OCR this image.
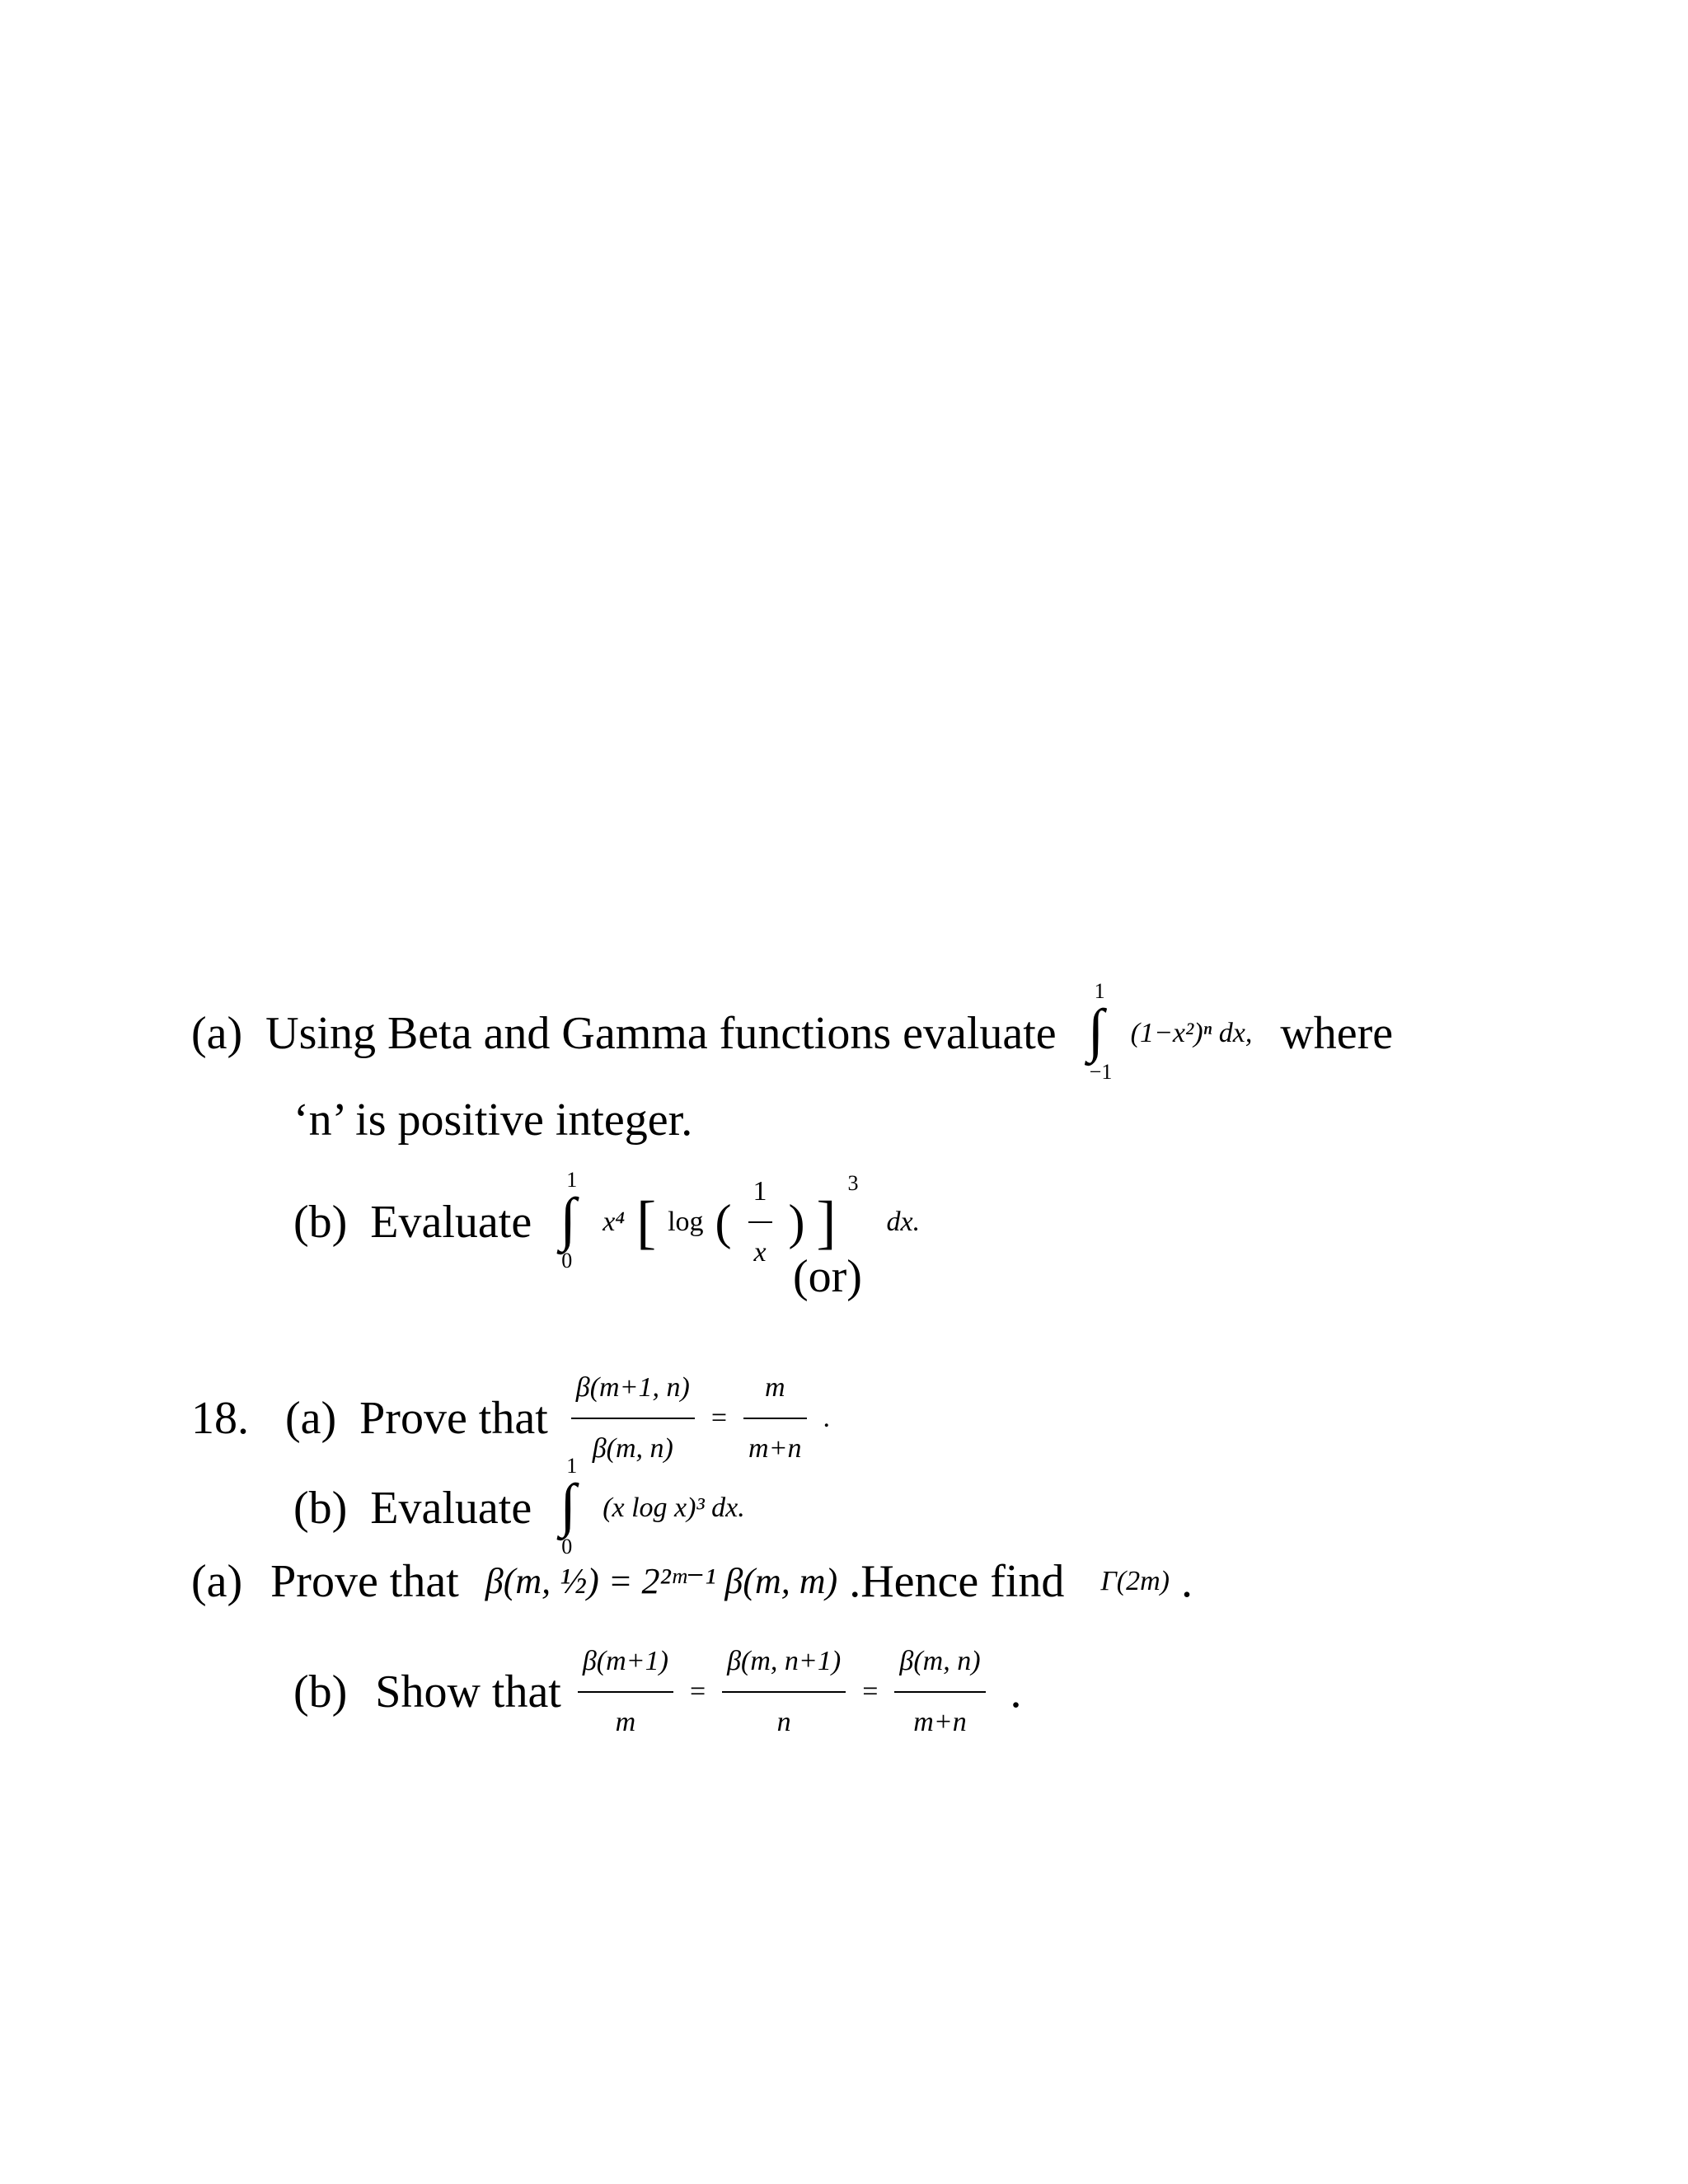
(a) Using Beta and Gamma functions evaluate
1
∫
−1
(1−x²)ⁿ dx, where
‘n’ is positive integer.
(b) Evaluate
1
∫
0
x⁴ [ log ( $\frac{1}{x}$ ) ] 3 dx.
(or)
18. (a) Prove that $\frac{\beta(m+1, n)}{\beta(m, n)} = \frac{m}{m+n}$ .
(b) Evaluate
1
∫
0
(x log x)³ dx.
(a) Prove that β(m, ½) = 2²ᵐ⁻¹ β(m, m) .Hence find Γ(2m) .
(b) Show that $\frac{\beta(m+1)}{m} = \frac{\beta(m, n+1)}{n} = \frac{\beta(m, n)}{m+n}$ .
